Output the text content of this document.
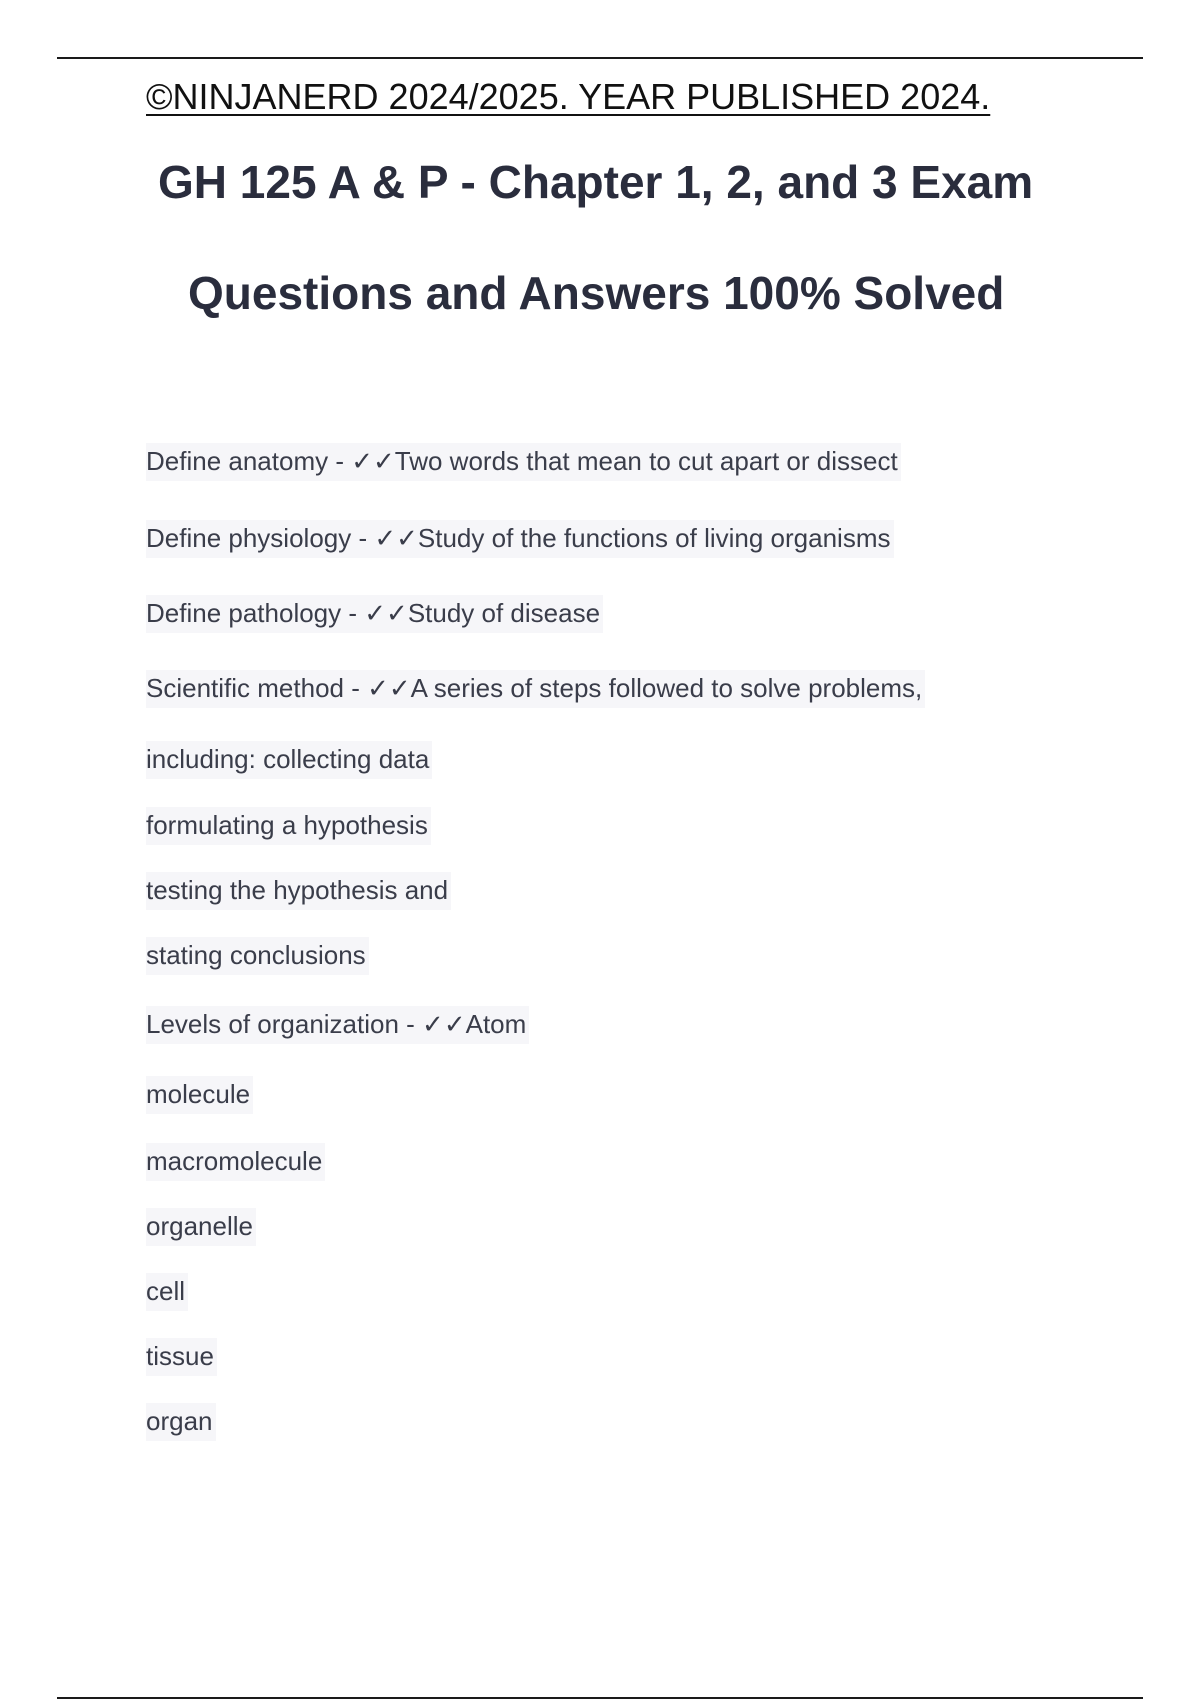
©NINJANERD 2024/2025. YEAR PUBLISHED 2024.
GH 125 A & P - Chapter 1, 2, and 3 Exam
Questions and Answers 100% Solved
Define anatomy - ✓✓Two words that mean to cut apart or dissect
Define physiology - ✓✓Study of the functions of living organisms
Define pathology - ✓✓Study of disease
Scientific method - ✓✓A series of steps followed to solve problems,
including: collecting data
formulating a hypothesis
testing the hypothesis and
stating conclusions
Levels of organization - ✓✓Atom
molecule
macromolecule
organelle
cell
tissue
organ
